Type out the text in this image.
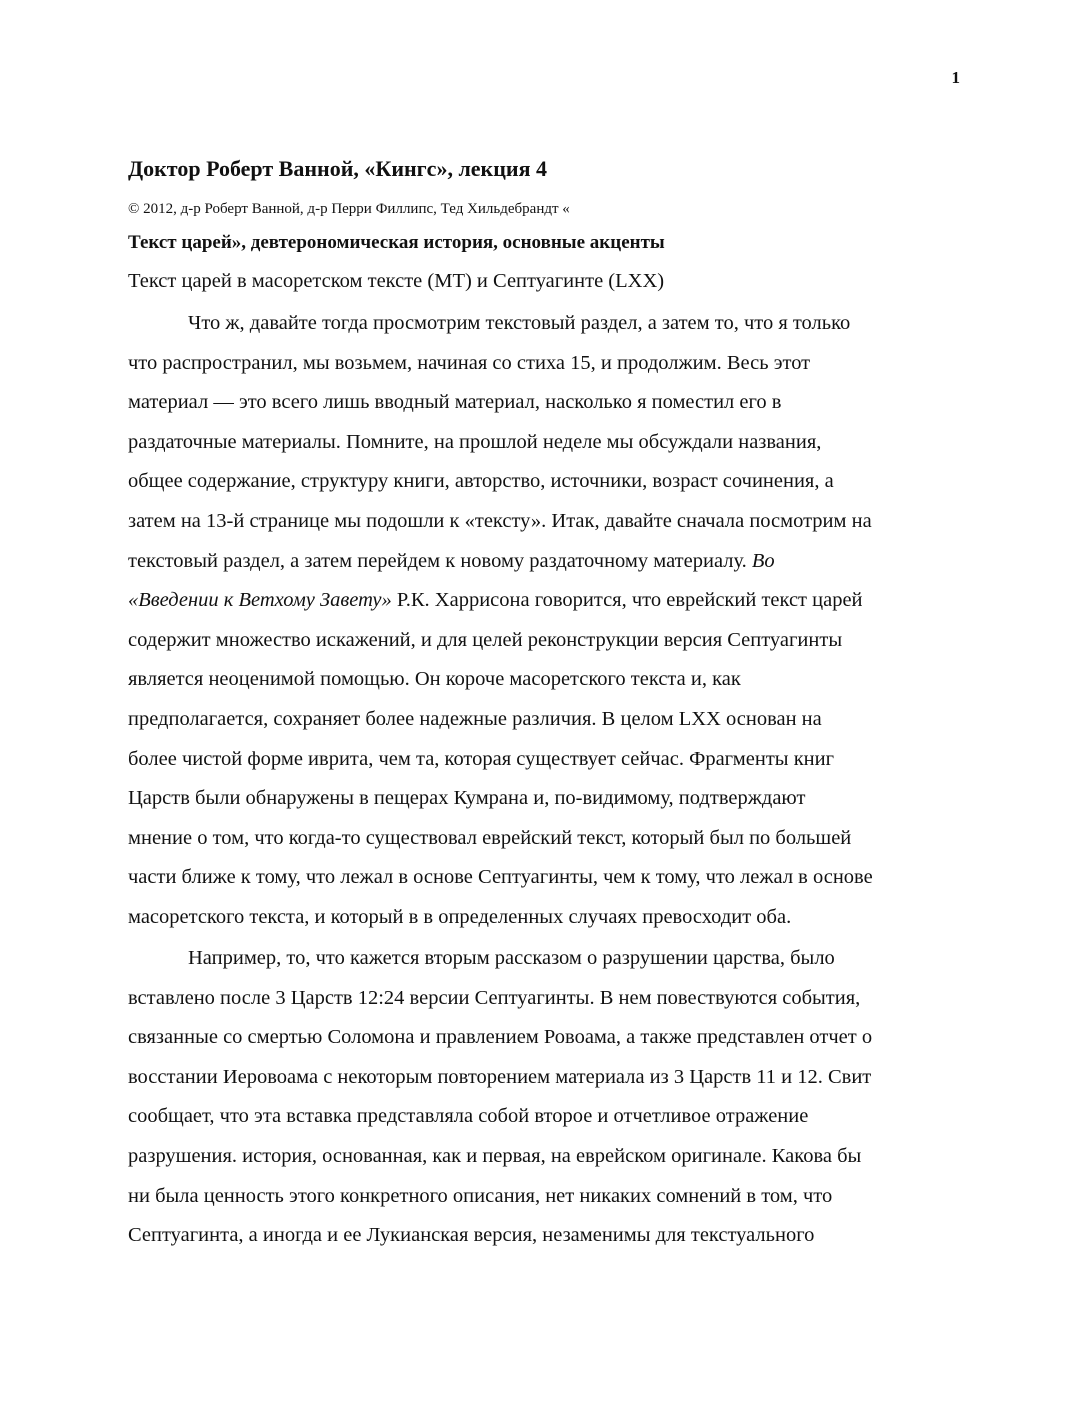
1
Доктор Роберт Ванной, «Кингс», лекция 4
© 2012, д-р Роберт Ванной, д-р Перри Филлипс, Тед Хильдебрандт «
Текст царей», девтерономическая история, основные акценты
Текст царей в масоретском тексте (МТ) и Септуагинте (LXX)
Что ж, давайте тогда просмотрим текстовый раздел, а затем то, что я только
что распространил, мы возьмем, начиная со стиха 15, и продолжим. Весь этот
материал — это всего лишь вводный материал, насколько я поместил его в
раздаточные материалы. Помните, на прошлой неделе мы обсуждали названия,
общее содержание, структуру книги, авторство, источники, возраст сочинения, а
затем на 13-й странице мы подошли к «тексту». Итак, давайте сначала посмотрим на
текстовый раздел, а затем перейдем к новому раздаточному материалу. Во
«Введении к Ветхому Завету» Р.К. Харрисона говорится, что еврейский текст царей
содержит множество искажений, и для целей реконструкции версия Септуагинты
является неоценимой помощью. Он короче масоретского текста и, как
предполагается, сохраняет более надежные различия. В целом LXX основан на
более чистой форме иврита, чем та, которая существует сейчас. Фрагменты книг
Царств были обнаружены в пещерах Кумрана и, по-видимому, подтверждают
мнение о том, что когда-то существовал еврейский текст, который был по большей
части ближе к тому, что лежал в основе Септуагинты, чем к тому, что лежал в основе
масоретского текста, и который в в определенных случаях превосходит оба.
Например, то, что кажется вторым рассказом о разрушении царства, было
вставлено после 3 Царств 12:24 версии Септуагинты. В нем повествуются события,
связанные со смертью Соломона и правлением Ровоама, а также представлен отчет о
восстании Иеровоама с некоторым повторением материала из 3 Царств 11 и 12. Свит
сообщает, что эта вставка представляла собой второе и отчетливое отражение
разрушения. история, основанная, как и первая, на еврейском оригинале. Какова бы
ни была ценность этого конкретного описания, нет никаких сомнений в том, что
Септуагинта, а иногда и ее Лукианская версия, незаменимы для текстуального
